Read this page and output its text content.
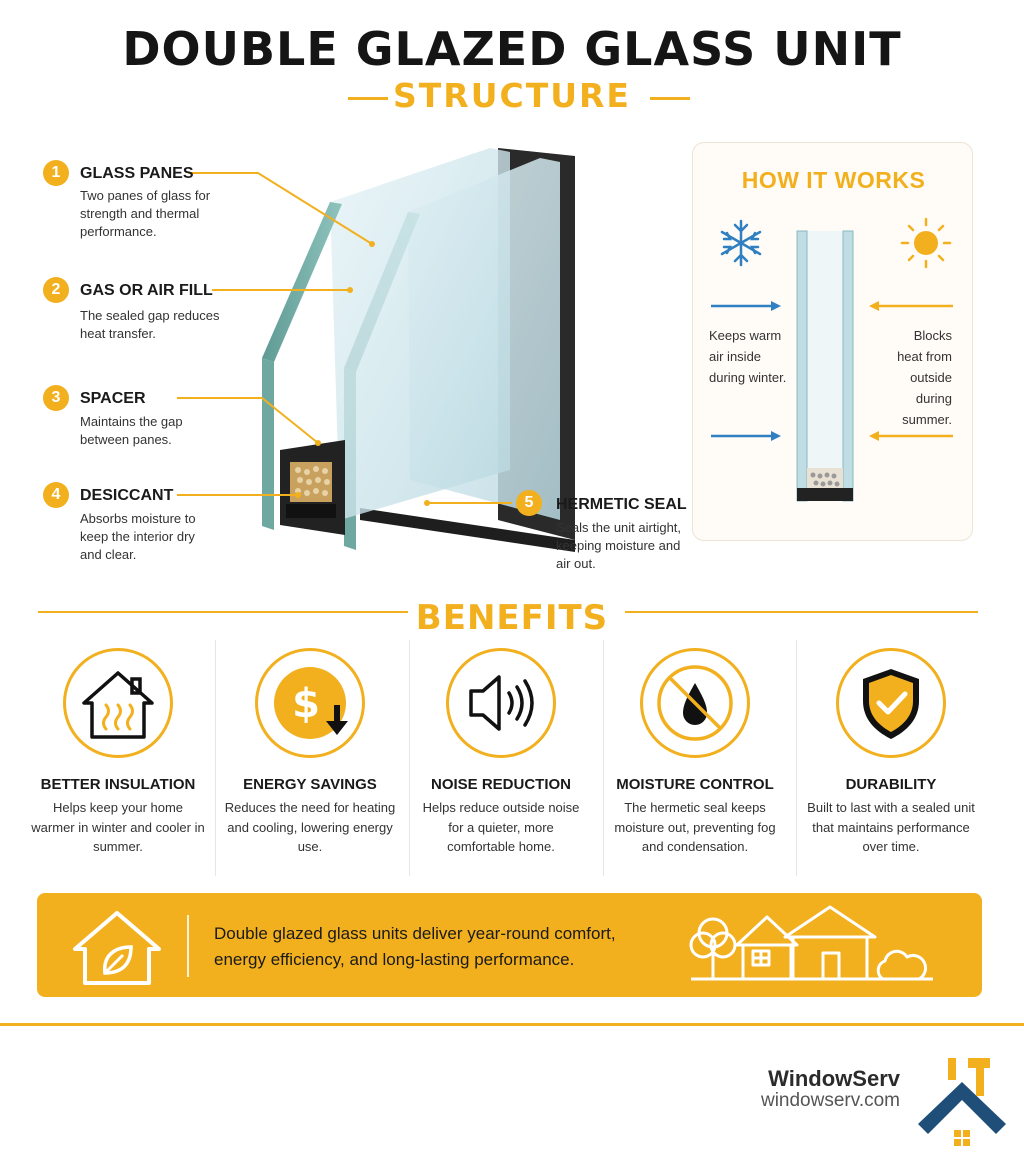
DOUBLE GLAZED GLASS UNIT
STRUCTURE
1	GLASS PANES
Two panes of glass for strength and thermal performance.
2	GAS OR AIR FILL
The sealed gap reduces heat transfer.
3	SPACER
Maintains the gap between panes.
4	DESICCANT
Absorbs moisture to keep the interior dry and clear.
5	HERMETIC SEAL
Seals the unit airtight, keeping moisture and air out.
HOW IT WORKS
Keeps warm air inside during winter.
Blocks heat from outside during summer.
BENEFITS
BETTER INSULATION
Helps keep your home warmer in winter and cooler in summer.
$
ENERGY SAVINGS
Reduces the need for heating and cooling, lowering energy use.
NOISE REDUCTION
Helps reduce outside noise for a quieter, more comfortable home.
MOISTURE CONTROL
The hermetic seal keeps moisture out, preventing fog and condensation.
DURABILITY
Built to last with a sealed unit that maintains performance over time.
Double glazed glass units deliver year-round comfort, energy efficiency, and long-lasting performance.
WindowServ
windowserv.com
